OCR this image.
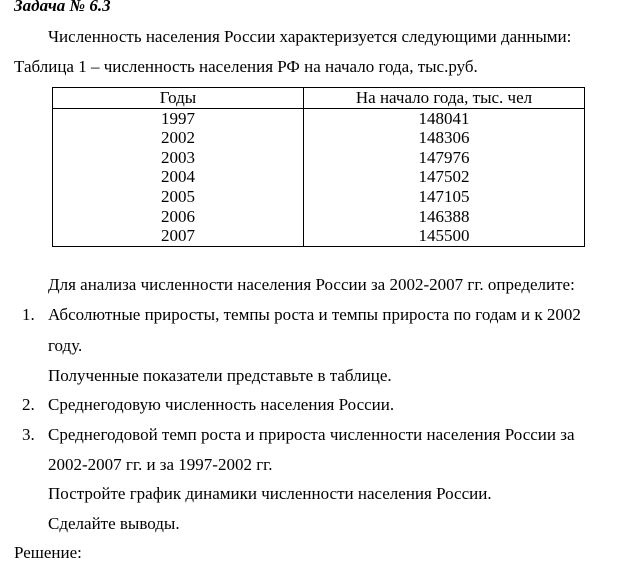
Задача № 6.3
Численность населения России характеризуется следующими данными:
Таблица 1 – численность населения РФ на начало года, тыс.руб.
Годы	На начало года, тыс. чел
1997	148041
2002	148306
2003	147976
2004	147502
2005	147105
2006	146388
2007	145500
Для анализа численности населения России за 2002-2007 гг. определите:
1. Абсолютные приросты, темпы роста и темпы прироста по годам и к 2002
году.
Полученные показатели представьте в таблице.
2. Среднегодовую численность населения России.
3. Среднегодовой темп роста и прироста численности населения России за
2002-2007 гг. и за 1997-2002 гг.
Постройте график динамики численности населения России.
Сделайте выводы.
Решение:
